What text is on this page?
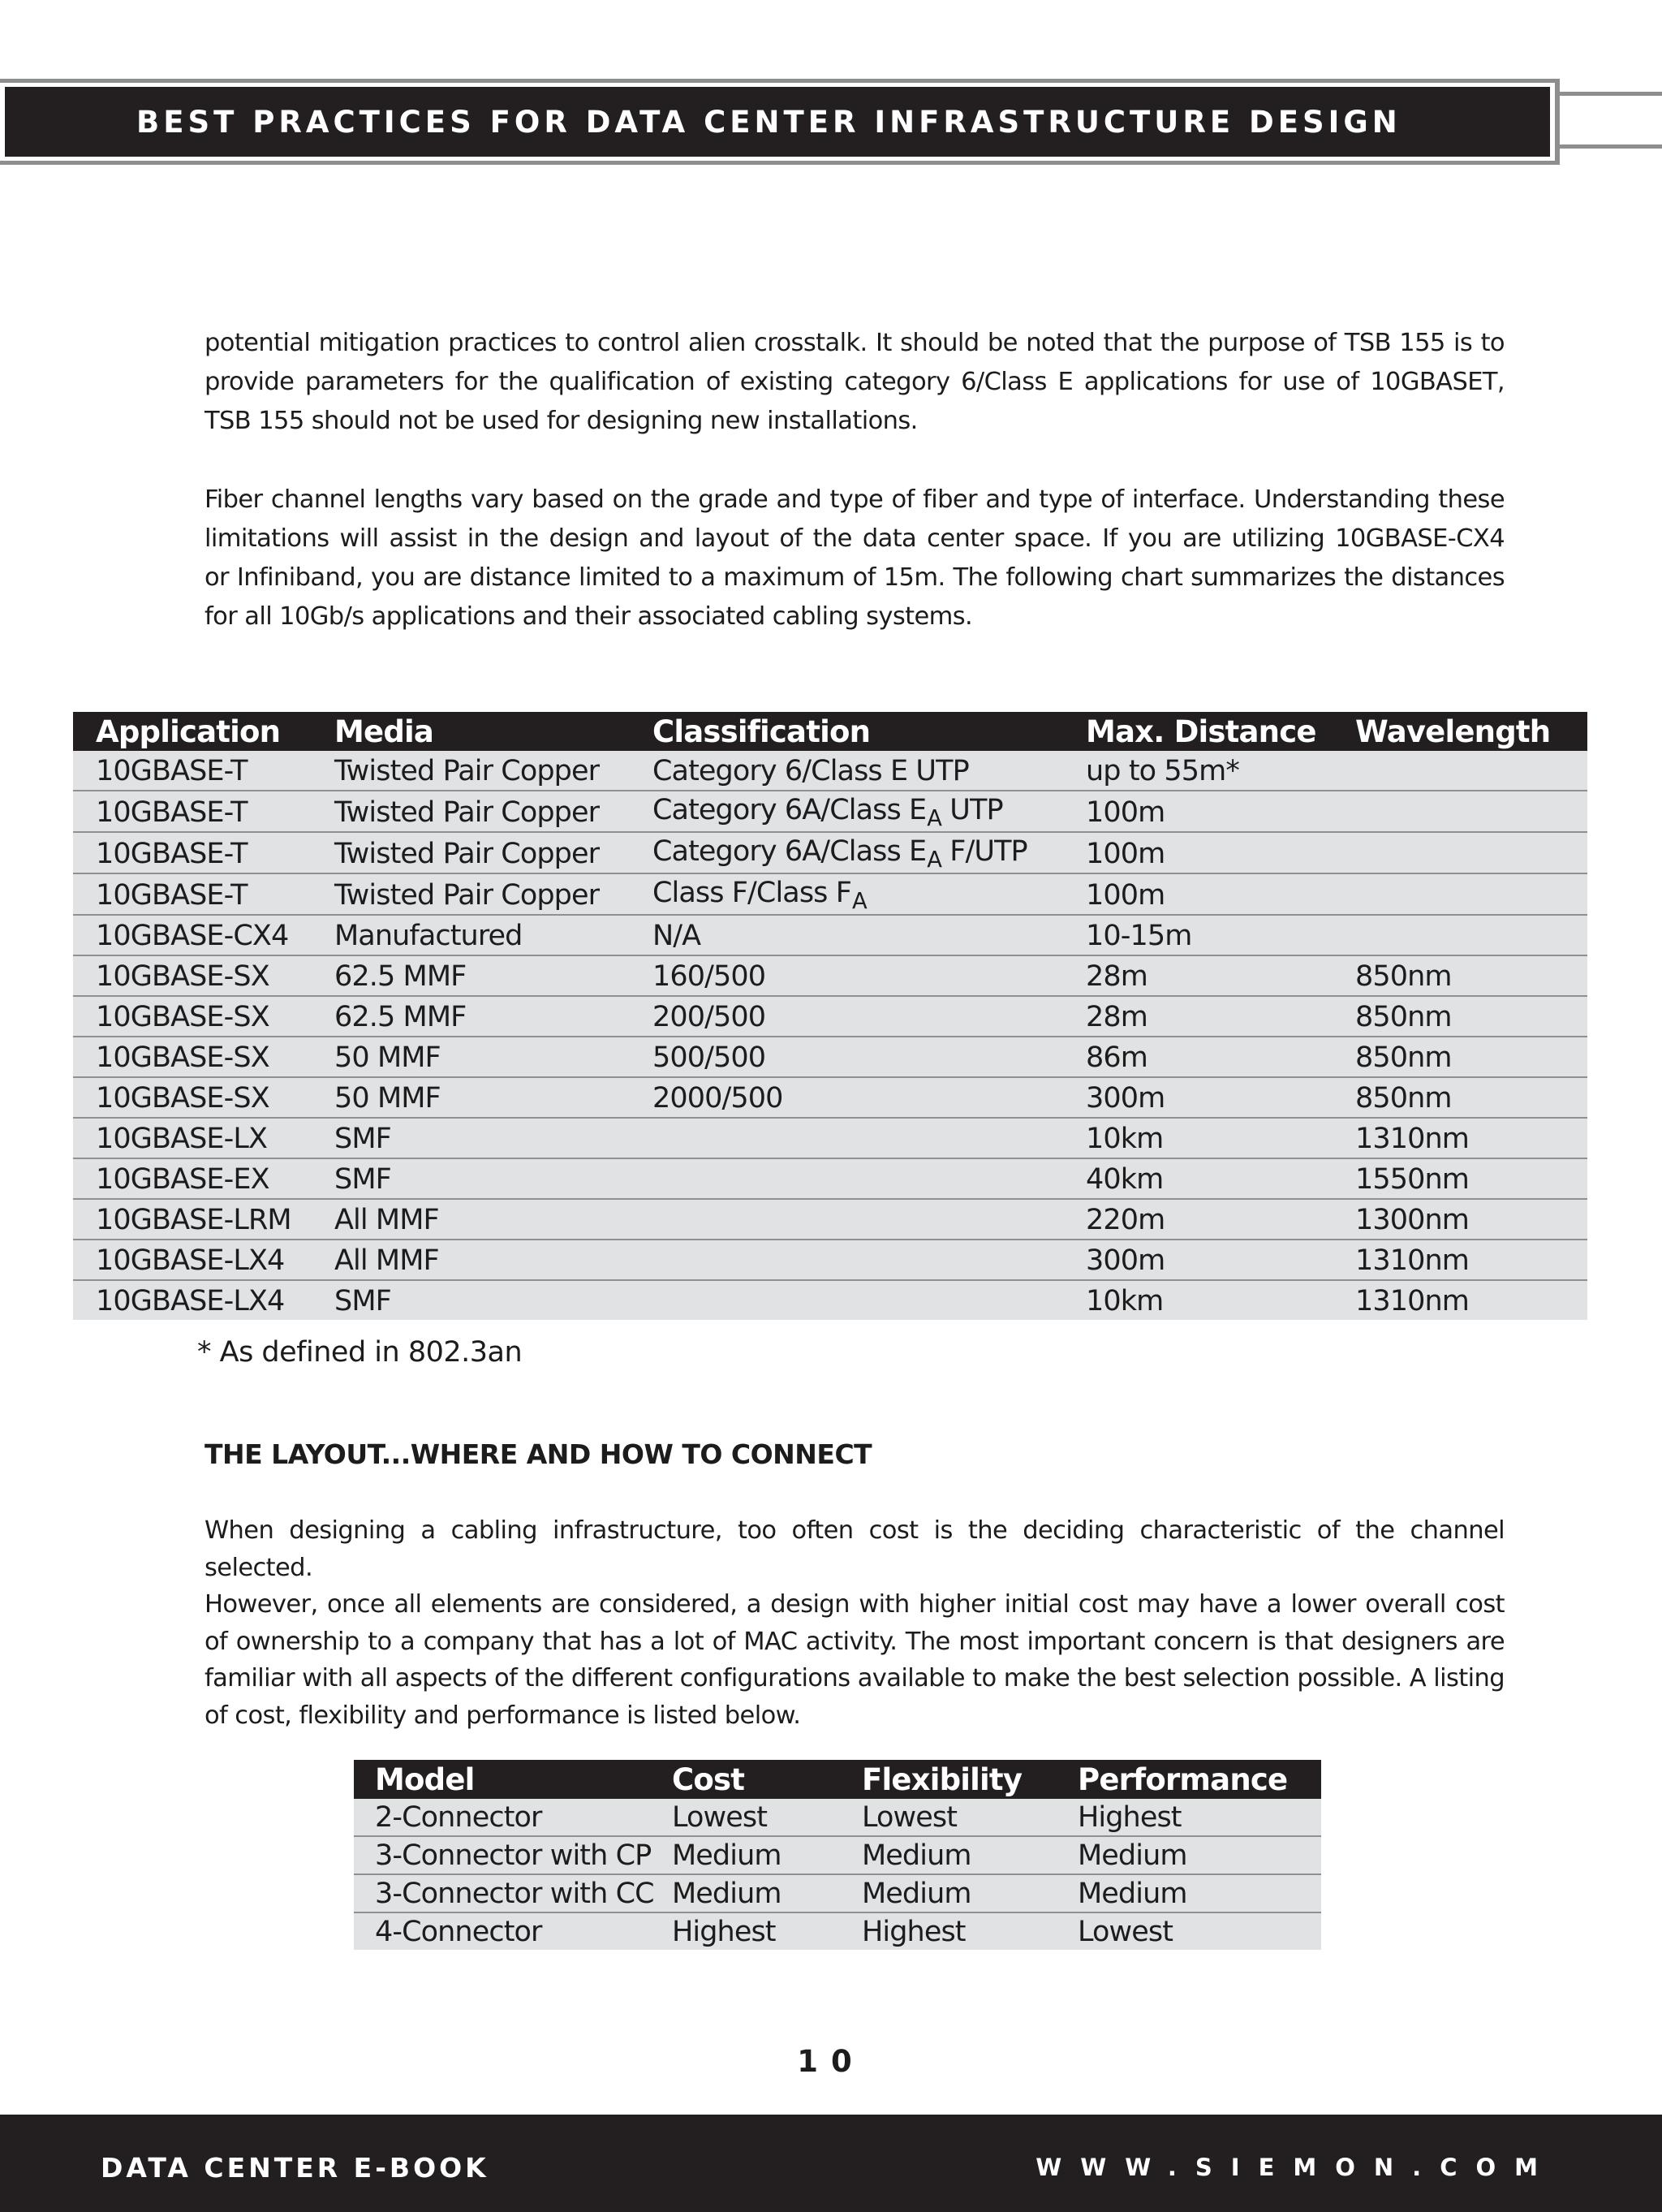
BEST PRACTICES FOR DATA CENTER INFRASTRUCTURE DESIGN

potential mitigation practices to control alien crosstalk. It should be noted that the purpose of TSB 155 is to
provide parameters for the qualification of existing category 6/Class E applications for use of 10GBASET,
TSB 155 should not be used for designing new installations.

Fiber channel lengths vary based on the grade and type of fiber and type of interface. Understanding these
limitations will assist in the design and layout of the data center space. If you are utilizing 10GBASE-CX4
or Infiniband, you are distance limited to a maximum of 15m. The following chart summarizes the distances
for all 10Gb/s applications and their associated cabling systems.

Application	Media	Classification	Max. Distance	Wavelength
10GBASE-T	Twisted Pair Copper	Category 6/Class E UTP	up to 55m*	
10GBASE-T	Twisted Pair Copper	Category 6A/Class $E_A$ UTP	100m	
10GBASE-T	Twisted Pair Copper	Category 6A/Class $E_A$ F/UTP	100m	
10GBASE-T	Twisted Pair Copper	Class F/Class $F_A$	100m	
10GBASE-CX4	Manufactured	N/A	10-15m	
10GBASE-SX	62.5 MMF	160/500	28m	850nm
10GBASE-SX	62.5 MMF	200/500	28m	850nm
10GBASE-SX	50 MMF	500/500	86m	850nm
10GBASE-SX	50 MMF	2000/500	300m	850nm
10GBASE-LX	SMF		10km	1310nm
10GBASE-EX	SMF		40km	1550nm
10GBASE-LRM	All MMF		220m	1300nm
10GBASE-LX4	All MMF		300m	1310nm
10GBASE-LX4	SMF		10km	1310nm
* As defined in 802.3an
THE LAYOUT...WHERE AND HOW TO CONNECT

When designing a cabling infrastructure, too often cost is the deciding characteristic of the channel selected.
However, once all elements are considered, a design with higher initial cost may have a lower overall cost
of ownership to a company that has a lot of MAC activity. The most important concern is that designers are
familiar with all aspects of the different configurations available to make the best selection possible. A listing
of cost, flexibility and performance is listed below.

Model	Cost	Flexibility	Performance
2-Connector	Lowest	Lowest	Highest
3-Connector with CP	Medium	Medium	Medium
3-Connector with CC	Medium	Medium	Medium
4-Connector	Highest	Highest	Lowest
10
DATA CENTER E-BOOK	WWW.SIEMON.COM
